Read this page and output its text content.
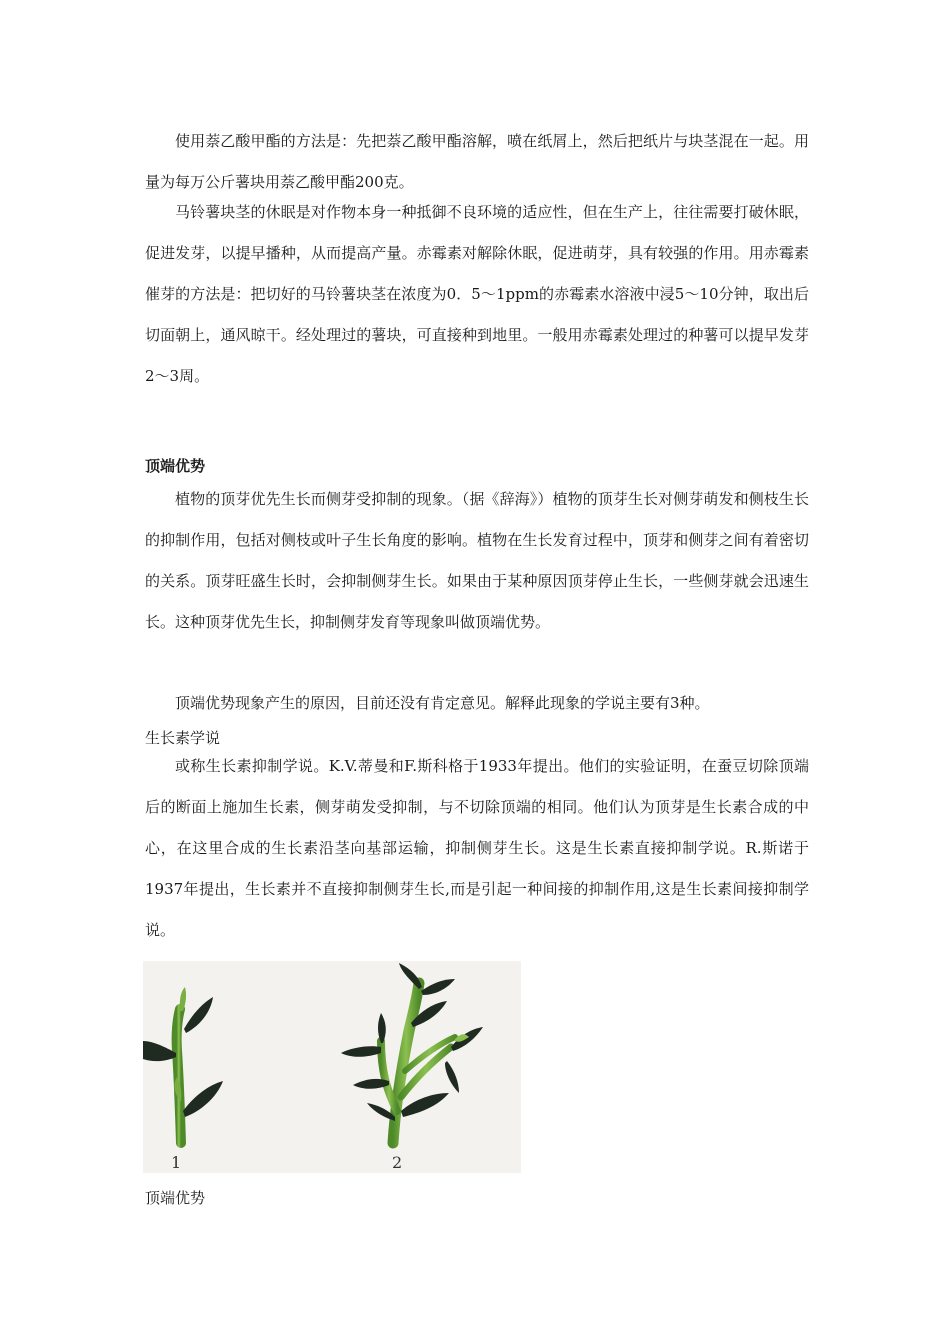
使用萘乙酸甲酯的方法是：先把萘乙酸甲酯溶解，喷在纸屑上，然后把纸片与块茎混在一起。用量为每万公斤薯块用萘乙酸甲酯200克。

马铃薯块茎的休眠是对作物本身一种抵御不良环境的适应性，但在生产上，往往需要打破休眠，促进发芽，以提早播种，从而提高产量。赤霉素对解除休眠，促进萌芽，具有较强的作用。用赤霉素催芽的方法是：把切好的马铃薯块茎在浓度为0．5～1ppm的赤霉素水溶液中浸5～10分钟，取出后切面朝上，通风晾干。经处理过的薯块，可直接种到地里。一般用赤霉素处理过的种薯可以提早发芽2～3周。

顶端优势

植物的顶芽优先生长而侧芽受抑制的现象。（据《辞海》）植物的顶芽生长对侧芽萌发和侧枝生长的抑制作用，包括对侧枝或叶子生长角度的影响。植物在生长发育过程中，顶芽和侧芽之间有着密切的关系。顶芽旺盛生长时，会抑制侧芽生长。如果由于某种原因顶芽停止生长，一些侧芽就会迅速生长。这种顶芽优先生长，抑制侧芽发育等现象叫做顶端优势。

顶端优势现象产生的原因，目前还没有肯定意见。解释此现象的学说主要有3种。

生长素学说

或称生长素抑制学说。K.V.蒂曼和F.斯科格于1933年提出。他们的实验证明，在蚕豆切除顶端后的断面上施加生长素，侧芽萌发受抑制，与不切除顶端的相同。他们认为顶芽是生长素合成的中心，在这里合成的生长素沿茎向基部运输，抑制侧芽生长。这是生长素直接抑制学说。R.斯诺于1937年提出，生长素并不直接抑制侧芽生长,而是引起一种间接的抑制作用,这是生长素间接抑制学说。

1	2

顶端优势
